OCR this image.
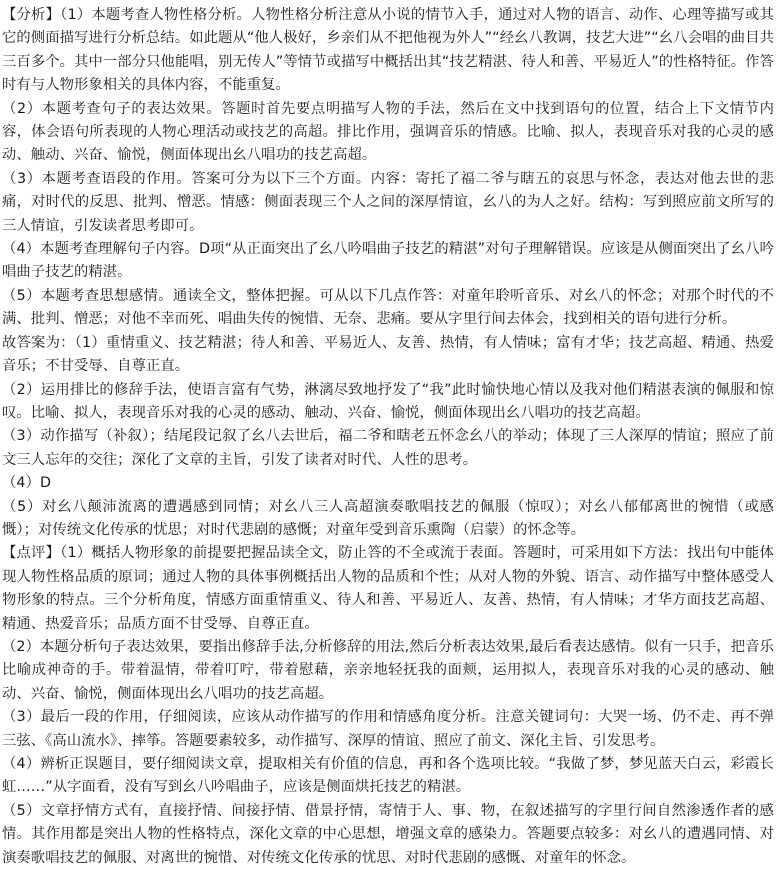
【分析】（1）本题考查人物性格分析。人物性格分析注意从小说的情节入手，通过对人物的语言、动作、心理等描写或其它的侧面描写进行分析总结。如此题从“他人极好，乡亲们从不把他视为外人”“经幺八教调，技艺大进”“幺八会唱的曲目共三百多个。其中一部分只他能唱，别无传人”等情节或描写中概括出其“技艺精湛、待人和善、平易近人”的性格特征。作答时有与人物形象相关的具体内容，不能重复。

（2）本题考查句子的表达效果。答题时首先要点明描写人物的手法，然后在文中找到语句的位置，结合上下文情节内容，体会语句所表现的人物心理活动或技艺的高超。排比作用，强调音乐的情感。比喻、拟人，表现音乐对我的心灵的感动、触动、兴奋、愉悦，侧面体现出幺八唱功的技艺高超。

（3）本题考查语段的作用。答案可分为以下三个方面。内容：寄托了福二爷与瞎五的哀思与怀念，表达对他去世的悲痛，对时代的反思、批判、憎恶。情感：侧面表现三个人之间的深厚情谊，幺八的为人之好。结构：写到照应前文所写的三人情谊，引发读者思考即可。

（4）本题考查理解句子内容。D项“从正面突出了幺八吟唱曲子技艺的精湛”对句子理解错误。应该是从侧面突出了幺八吟唱曲子技艺的精湛。

（5）本题考查思想感情。通读全文，整体把握。可从以下几点作答：对童年聆听音乐、对幺八的怀念；对那个时代的不满、批判、憎恶；对他不幸而死、唱曲失传的惋惜、无奈、悲痛。要从字里行间去体会，找到相关的语句进行分析。

故答案为：（1）重情重义、技艺精湛；待人和善、平易近人、友善、热情，有人情味；富有才华；技艺高超、精通、热爱音乐；不甘受辱、自尊正直。

（2）运用排比的修辞手法，使语言富有气势，淋漓尽致地抒发了“我”此时愉快地心情以及我对他们精湛表演的佩服和惊叹。比喻、拟人，表现音乐对我的心灵的感动、触动、兴奋、愉悦，侧面体现出幺八唱功的技艺高超。

（3）动作描写（补叙）；结尾段记叙了幺八去世后，福二爷和瞎老五怀念幺八的举动；体现了三人深厚的情谊；照应了前文三人忘年的交往；深化了文章的主旨，引发了读者对时代、人性的思考。

（4）D

（5）对幺八颠沛流离的遭遇感到同情；对幺八三人高超演奏歌唱技艺的佩服（惊叹）；对幺八郁郁离世的惋惜（或感慨）；对传统文化传承的忧思；对时代悲剧的感慨；对童年受到音乐熏陶（启蒙）的怀念等。

【点评】（1）概括人物形象的前提要把握品读全文，防止答的不全或流于表面。答题时，可采用如下方法：找出句中能体现人物性格品质的原词；通过人物的具体事例概括出人物的品质和个性；从对人物的外貌、语言、动作描写中整体感受人物形象的特点。三个分析角度，情感方面重情重义、待人和善、平易近人、友善、热情，有人情味；才华方面技艺高超、精通、热爱音乐；品质方面不甘受辱、自尊正直。

（2）本题分析句子表达效果，要指出修辞手法,分析修辞的用法,然后分析表达效果,最后看表达感情。似有一只手，把音乐比喻成神奇的手。带着温情，带着叮咛，带着慰藉，亲亲地轻抚我的面颊，运用拟人，表现音乐对我的心灵的感动、触动、兴奋、愉悦，侧面体现出幺八唱功的技艺高超。

（3）最后一段的作用，仔细阅读，应该从动作描写的作用和情感角度分析。注意关键词句：大哭一场、仍不走、再不弹三弦、《高山流水》、摔筝。答题要素较多，动作描写、深厚的情谊、照应了前文、深化主旨、引发思考。

（4）辨析正误题目，要仔细阅读文章，提取相关有价值的信息，再和各个选项比较。“我做了梦，梦见蓝天白云，彩霞长虹……”从字面看，没有写到幺八吟唱曲子，应该是侧面烘托技艺的精湛。

（5）文章抒情方式有，直接抒情、间接抒情、借景抒情，寄情于人、事、物，在叙述描写的字里行间自然渗透作者的感情。其作用都是突出人物的性格特点，深化文章的中心思想，增强文章的感染力。答题要点较多：对幺八的遭遇同情、对演奏歌唱技艺的佩服、对离世的惋惜、对传统文化传承的忧思、对时代悲剧的感慨、对童年的怀念。
